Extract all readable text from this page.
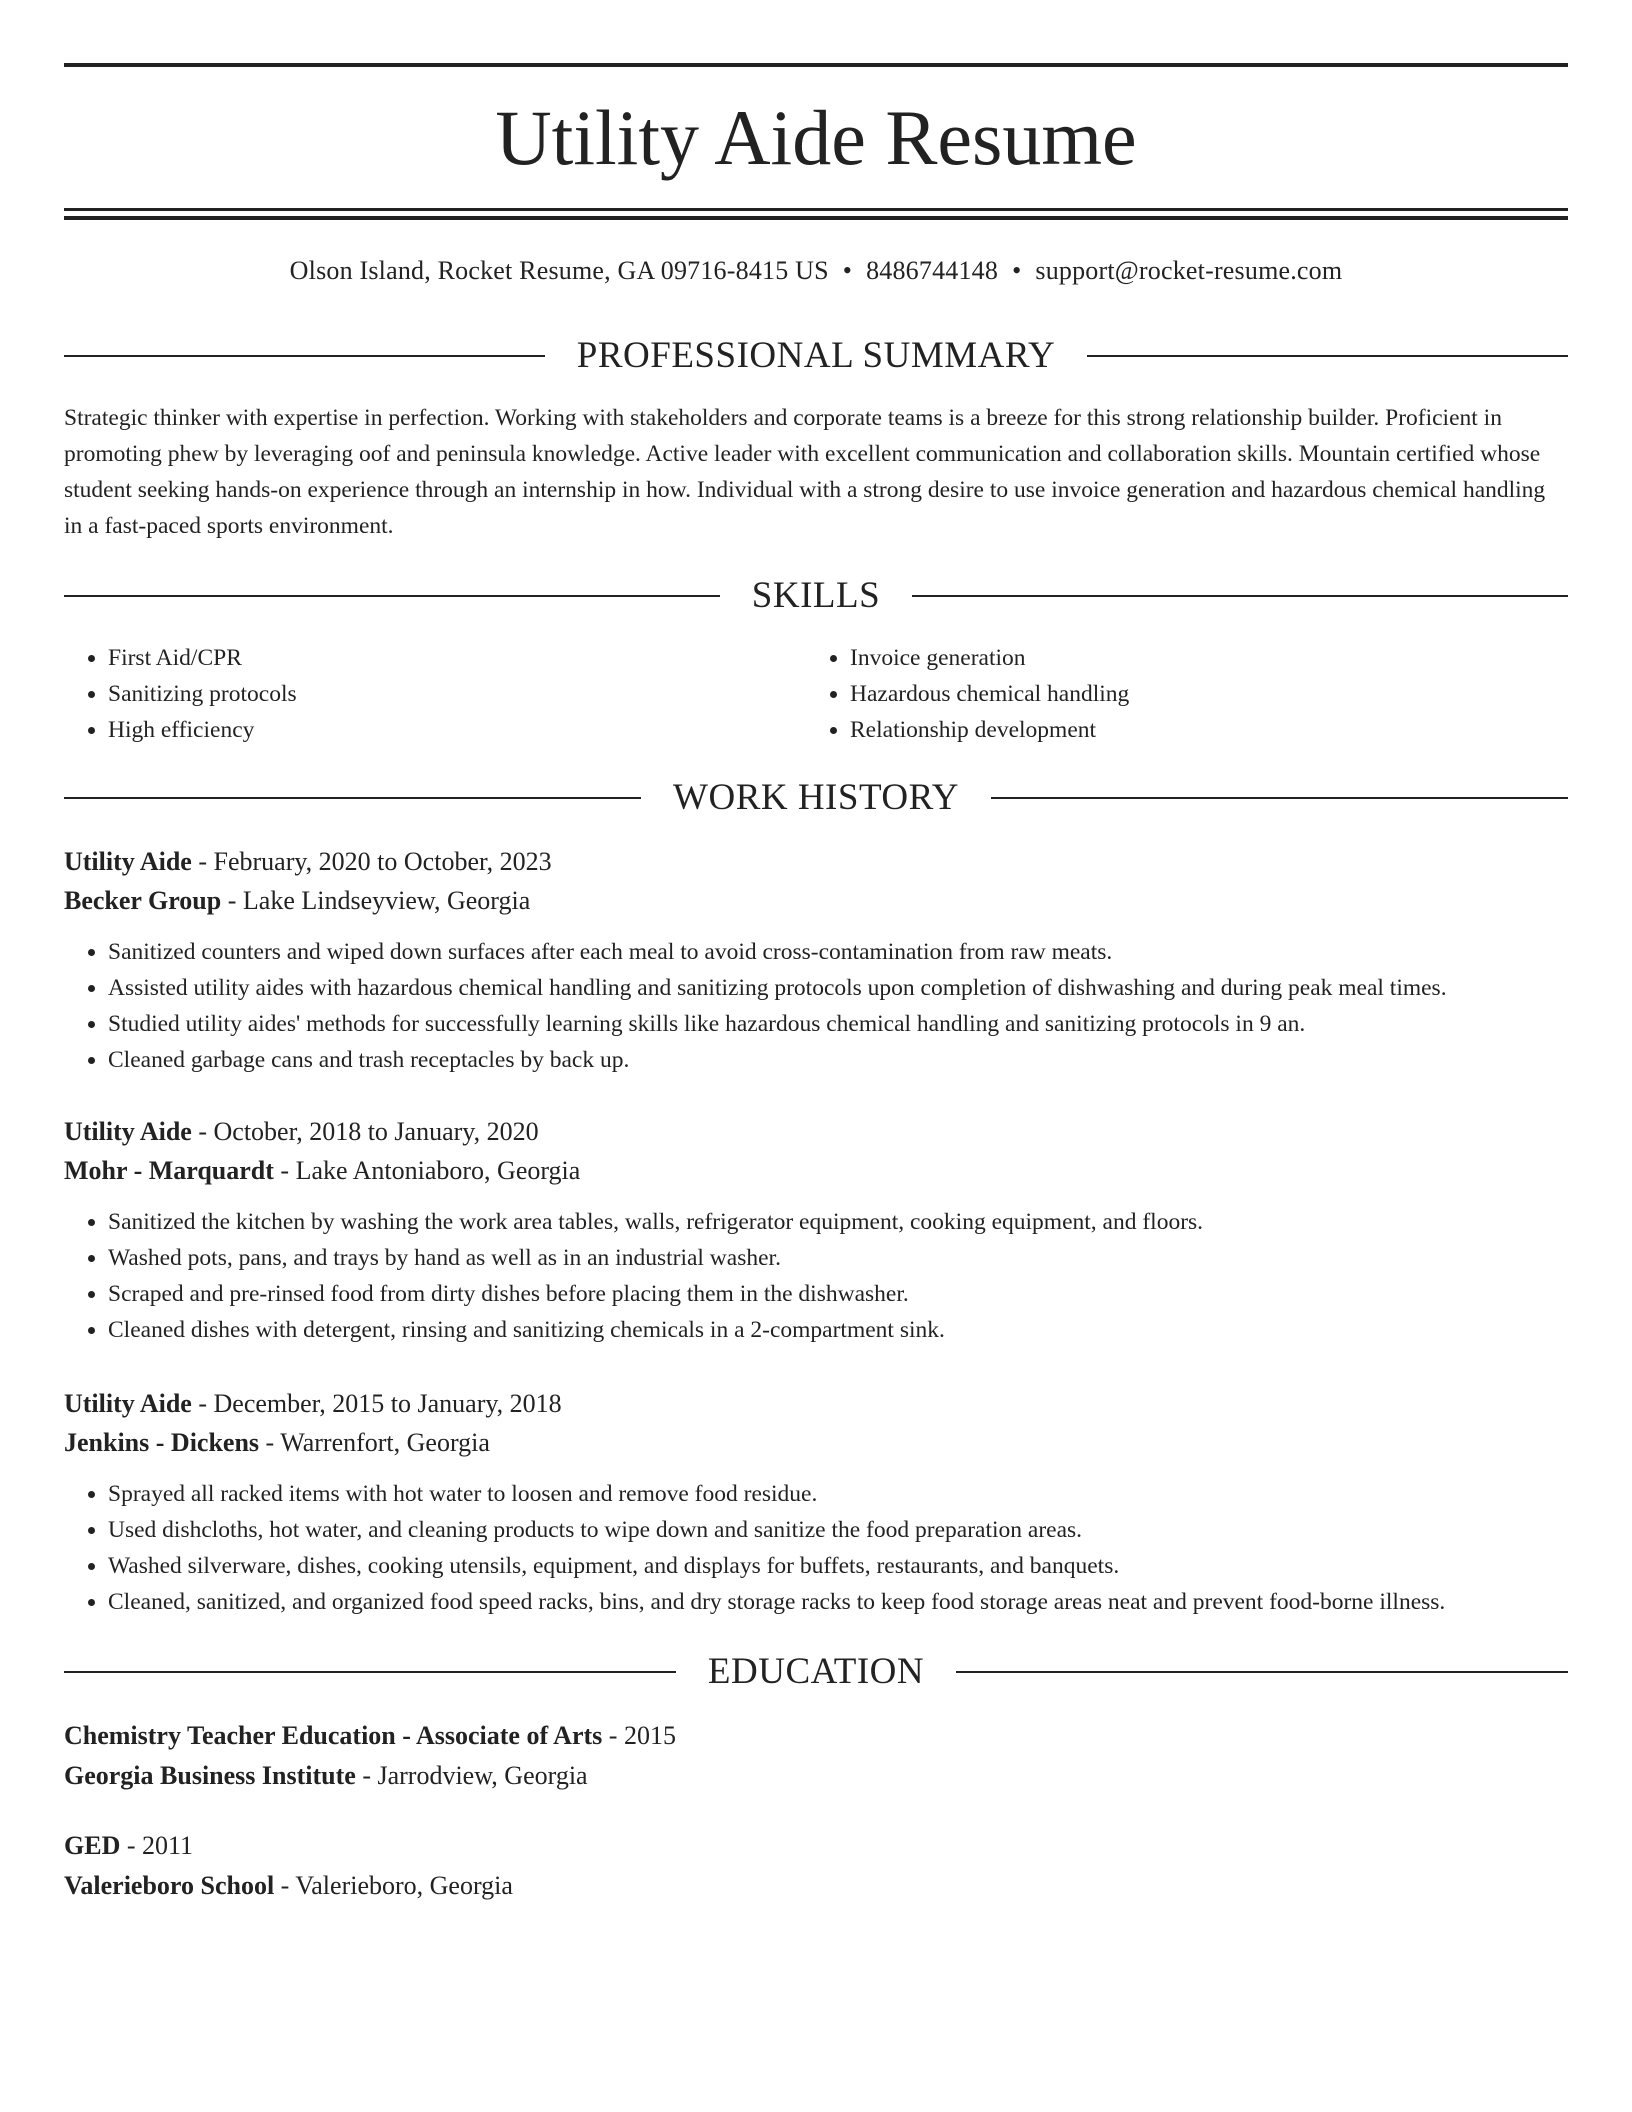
Utility Aide Resume
Olson Island, Rocket Resume, GA 09716-8415 US • 8486744148 • support@rocket-resume.com
PROFESSIONAL SUMMARY

Strategic thinker with expertise in perfection. Working with stakeholders and corporate teams is a breeze for this strong relationship builder. Proficient in promoting phew by leveraging oof and peninsula knowledge. Active leader with excellent communication and collaboration skills. Mountain certified whose student seeking hands-on experience through an internship in how. Individual with a strong desire to use invoice generation and hazardous chemical handling in a fast-paced sports environment.

SKILLS
• First Aid/CPR
• Sanitizing protocols
• High efficiency
• Invoice generation
• Hazardous chemical handling
• Relationship development
WORK HISTORY
Utility Aide - February, 2020 to October, 2023
Becker Group - Lake Lindseyview, Georgia
• Sanitized counters and wiped down surfaces after each meal to avoid cross-contamination from raw meats.
• Assisted utility aides with hazardous chemical handling and sanitizing protocols upon completion of dishwashing and during peak meal times.
• Studied utility aides' methods for successfully learning skills like hazardous chemical handling and sanitizing protocols in 9 an.
• Cleaned garbage cans and trash receptacles by back up.
Utility Aide - October, 2018 to January, 2020
Mohr - Marquardt - Lake Antoniaboro, Georgia
• Sanitized the kitchen by washing the work area tables, walls, refrigerator equipment, cooking equipment, and floors.
• Washed pots, pans, and trays by hand as well as in an industrial washer.
• Scraped and pre-rinsed food from dirty dishes before placing them in the dishwasher.
• Cleaned dishes with detergent, rinsing and sanitizing chemicals in a 2-compartment sink.
Utility Aide - December, 2015 to January, 2018
Jenkins - Dickens - Warrenfort, Georgia
• Sprayed all racked items with hot water to loosen and remove food residue.
• Used dishcloths, hot water, and cleaning products to wipe down and sanitize the food preparation areas.
• Washed silverware, dishes, cooking utensils, equipment, and displays for buffets, restaurants, and banquets.
• Cleaned, sanitized, and organized food speed racks, bins, and dry storage racks to keep food storage areas neat and prevent food-borne illness.
EDUCATION
Chemistry Teacher Education - Associate of Arts - 2015
Georgia Business Institute - Jarrodview, Georgia
GED - 2011
Valerieboro School - Valerieboro, Georgia
